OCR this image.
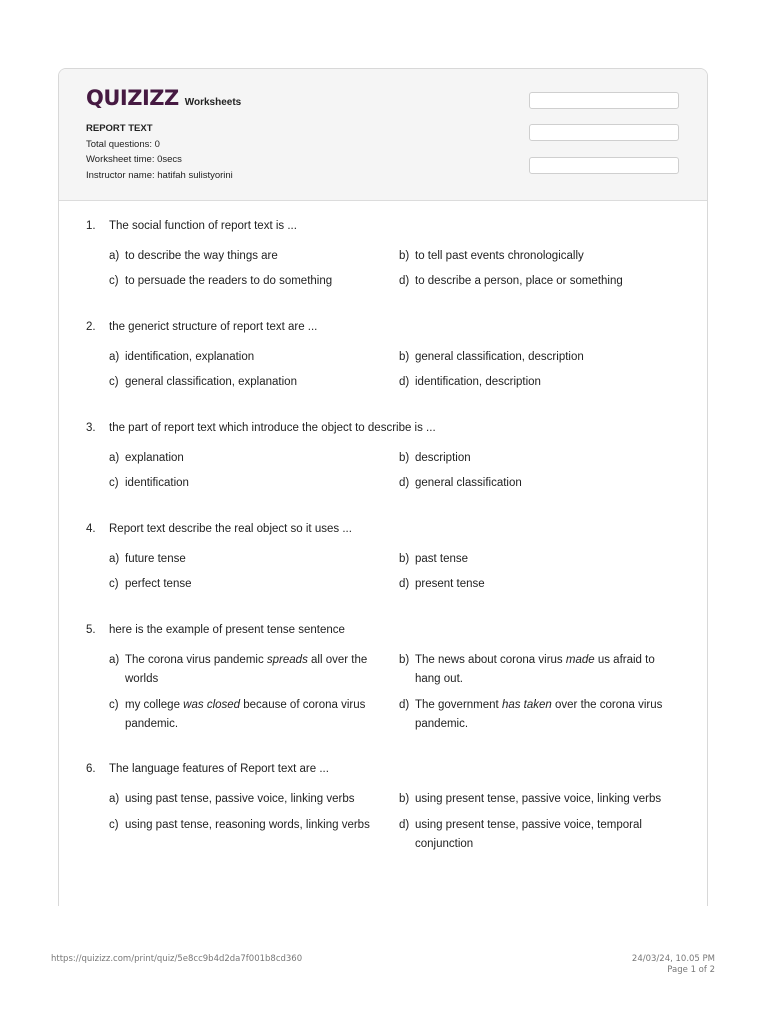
QUIZIZZ Worksheets
REPORT TEXT
Total questions: 0
Worksheet time: 0secs
Instructor name: hatifah sulistyorini
1. The social function of report text is ...
a) to describe the way things are	b) to tell past events chronologically
c) to persuade the readers to do something	d) to describe a person, place or something
2. the generict structure of report text are ...
a) identification, explanation	b) general classification, description
c) general classification, explanation	d) identification, description
3. the part of report text which introduce the object to describe is ...
a) explanation	b) description
c) identification	d) general classification
4. Report text describe the real object so it uses ...
a) future tense	b) past tense
c) perfect tense	d) present tense
5. here is the example of present tense sentence
a) The corona virus pandemic spreads all over the worlds
b) The news about corona virus made us afraid to hang out.
c) my college was closed because of corona virus pandemic.
d) The government has taken over the corona virus pandemic.
6. The language features of Report text are ...
a) using past tense, passive voice, linking verbs	b) using present tense, passive voice, linking verbs
c) using past tense, reasoning words, linking verbs	d) using present tense, passive voice, temporal conjunction
https://quizizz.com/print/quiz/5e8cc9b4d2da7f001b8cd360	24/03/24, 10.05 PM
Page 1 of 2
